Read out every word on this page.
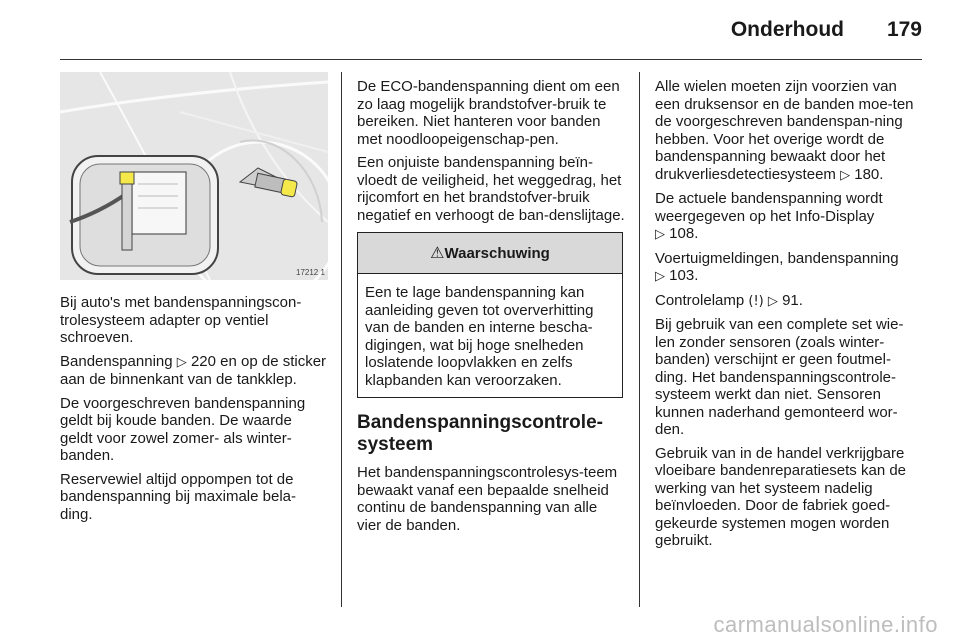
Onderhoud 179
17212 1

Bij auto's met bandenspanningscon-trolesysteem adapter op ventiel schroeven.

Bandenspanning ▷ 220 en op de sticker aan de binnenkant van de tankklep.

De voorgeschreven bandenspanning geldt bij koude banden. De waarde geldt voor zowel zomer- als winter-banden.

Reservewiel altijd oppompen tot de bandenspanning bij maximale bela-ding.

De ECO-bandenspanning dient om een zo laag mogelijk brandstofver-bruik te bereiken. Niet hanteren voor banden met noodloopeigenschap-pen.

Een onjuiste bandenspanning beïn-vloedt de veiligheid, het weggedrag, het rijcomfort en het brandstofver-bruik negatief en verhoogt de ban-denslijtage.

⚠Waarschuwing
Een te lage bandenspanning kan aanleiding geven tot oververhitting van de banden en interne bescha-digingen, wat bij hoge snelheden loslatende loopvlakken en zelfs klapbanden kan veroorzaken.
Bandenspanningscontrole-systeem

Het bandenspanningscontrolesys-teem bewaakt vanaf een bepaalde snelheid continu de bandenspanning van alle vier de banden.

Alle wielen moeten zijn voorzien van een druksensor en de banden moe-ten de voorgeschreven bandenspan-ning hebben. Voor het overige wordt de bandenspanning bewaakt door het drukverliesdetectiesysteem ▷ 180.

De actuele bandenspanning wordt weergegeven op het Info-Display
▷ 108.

Voertuigmeldingen, bandenspanning
▷ 103.

Controlelamp (!) ▷ 91.

Bij gebruik van een complete set wie-len zonder sensoren (zoals winter-banden) verschijnt er geen foutmel-ding. Het bandenspanningscontrole-systeem werkt dan niet. Sensoren kunnen naderhand gemonteerd wor-den.

Gebruik van in de handel verkrijgbare vloeibare bandenreparatiesets kan de werking van het systeem nadelig beïnvloeden. Door de fabriek goed-gekeurde systemen mogen worden gebruikt.

carmanualsonline.info
